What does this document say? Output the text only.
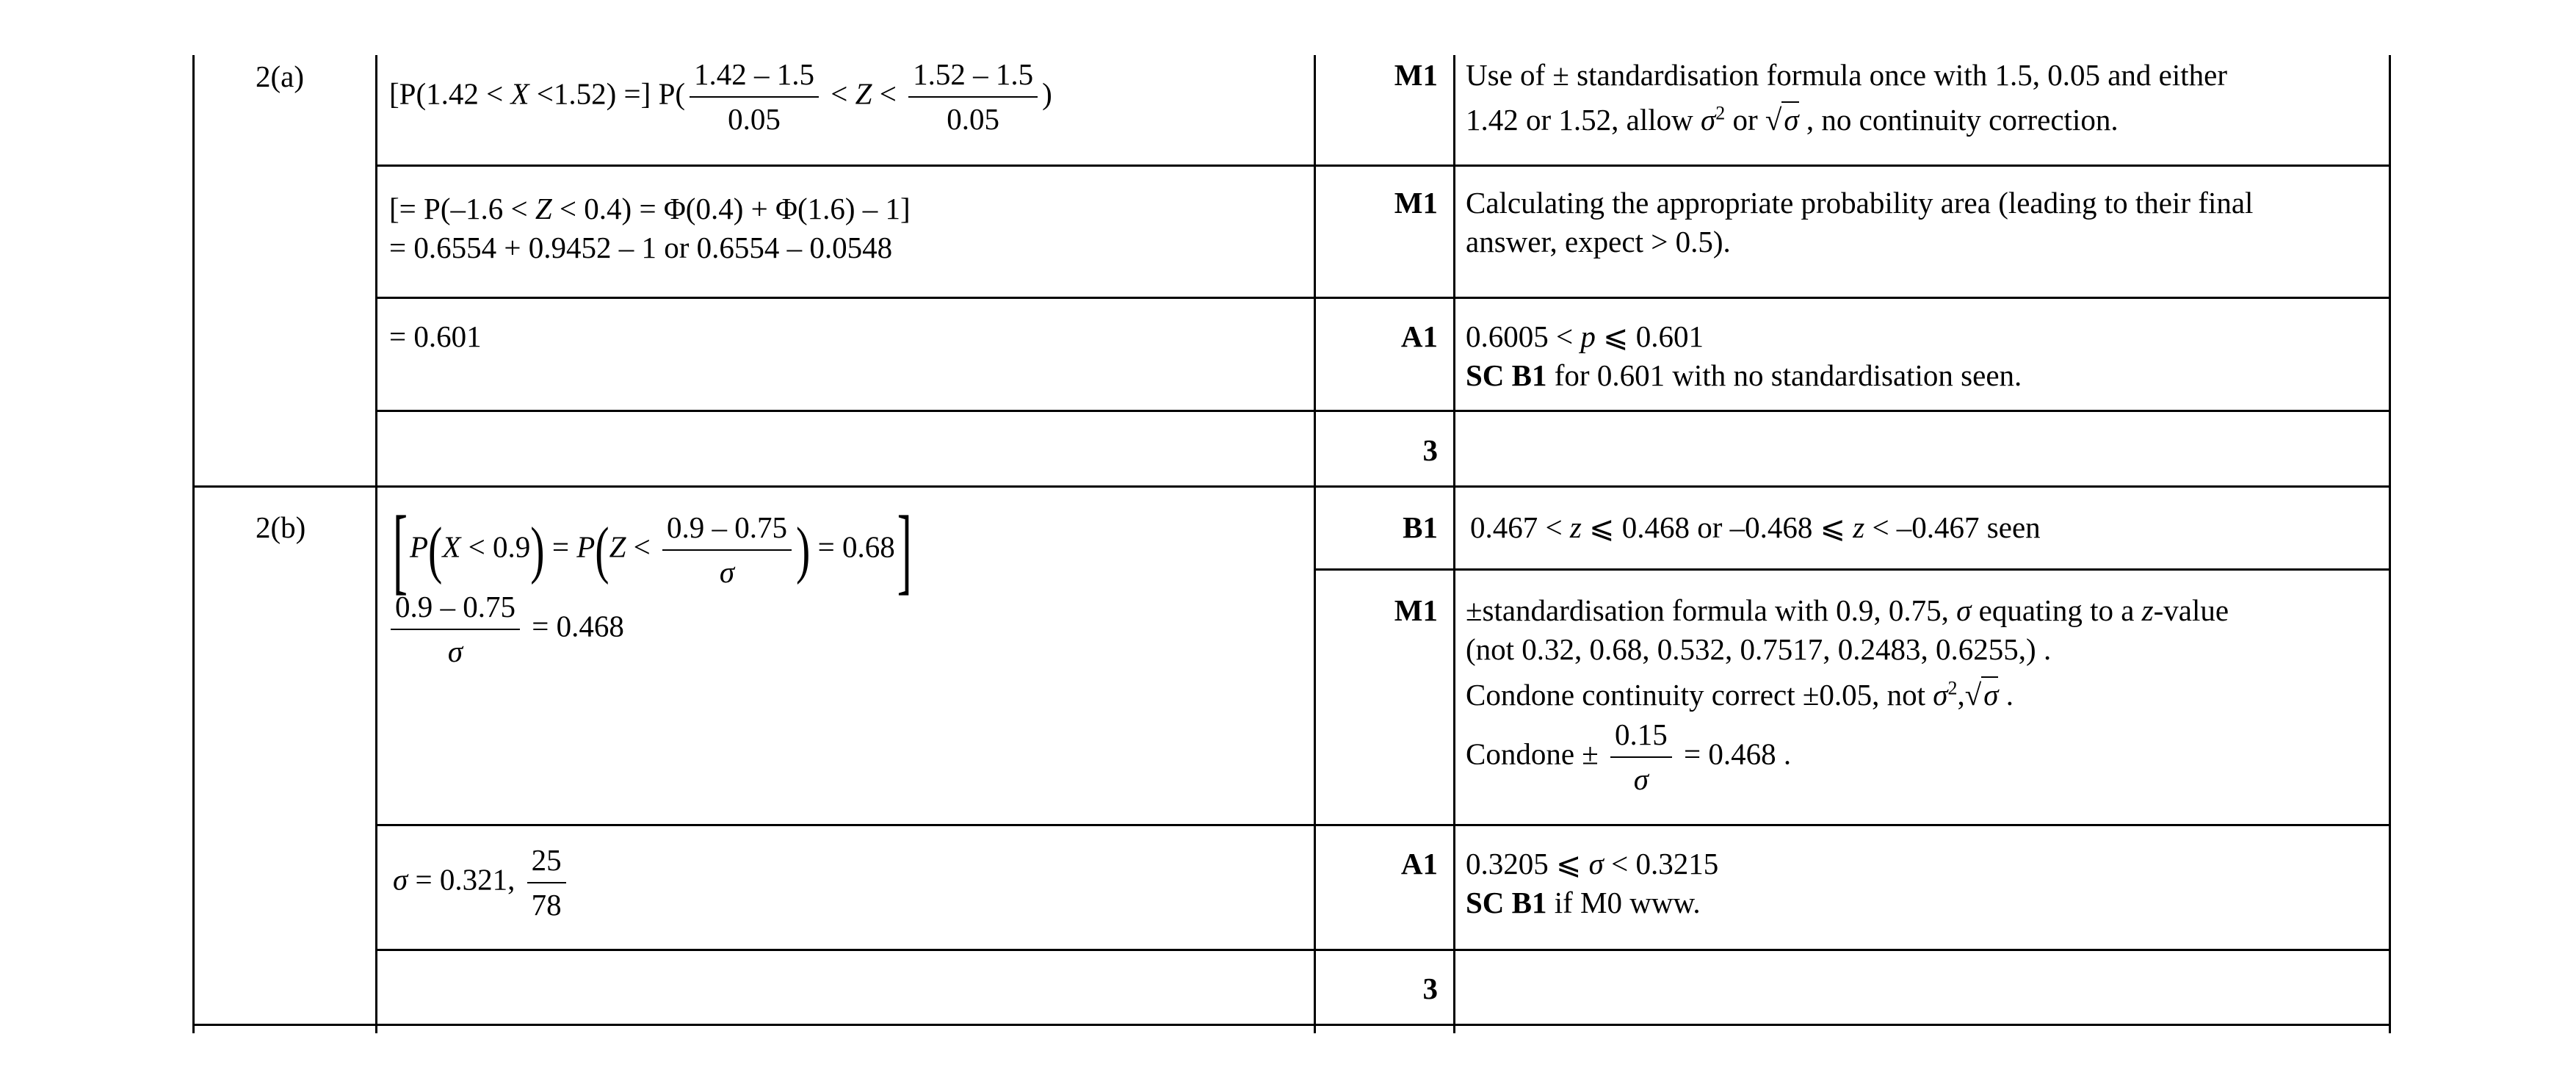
2(a)
[P(1.42 < X <1.52) =] $P( \frac{1.42 - 1.5}{0.05} < Z < \frac{1.52 - 1.5}{0.05}$ )
M1 Use of ± standardisation formula once with 1.5, 0.05 and either
1.42 or 1.52, allow $\sigma^2$ or √σ , no continuity correction.
[= P(–1.6 < Z < 0.4) = Φ(0.4) + Φ(1.6) – 1]
= 0.6554 + 0.9452 – 1 or 0.6554 – 0.0548
M1 Calculating the appropriate probability area (leading to their final
answer, expect > 0.5).
= 0.601	A1 0.6005 < p ⩽ 0.601
SC B1 for 0.601 with no standardisation seen.
3
2(b) [$P(X < 0.9) = P(Z < \frac{0.9 - 0.75}{\sigma}$ ) = 0.68]
$\frac{0.9 - 0.75}{\sigma} = 0.468$
B1 0.467 < z ⩽ 0.468 or –0.468 ⩽ z < –0.467 seen
M1 ±standardisation formula with 0.9, 0.75, σ equating to a z-value
(not 0.32, 0.68, 0.532, 0.7517, 0.2483, 0.6255,) .
Condone continuity correct ±0.05, not $\sigma^2,√\sigma$ .
Condone ± $\frac{0.15}{\sigma} = 0.468$ .
σ = 0.321, $\frac{25}{78}$	A1 0.3205 ⩽ σ < 0.3215
SC B1 if M0 www.
3
